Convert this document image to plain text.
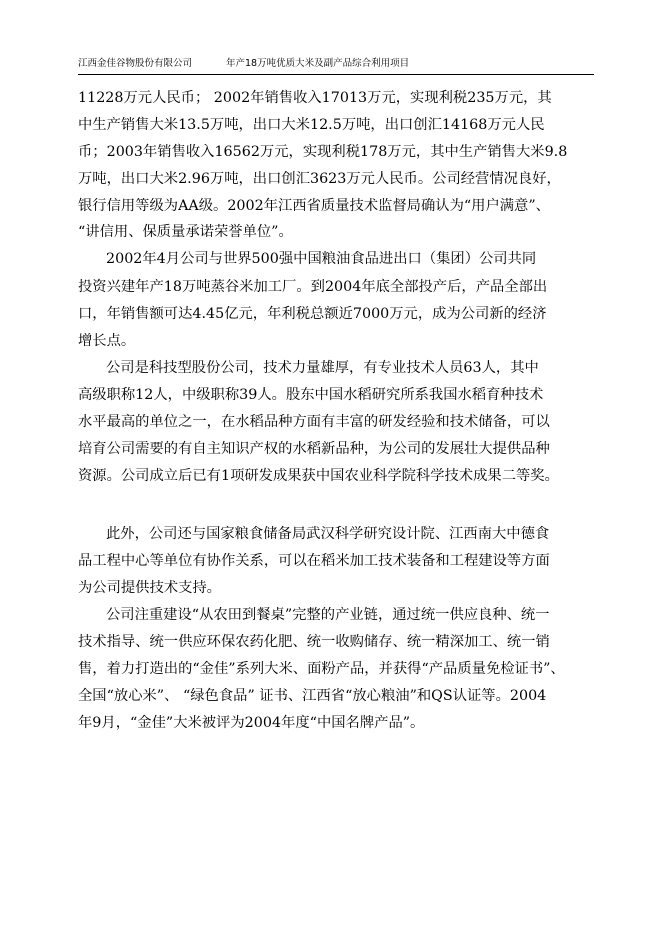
江西金佳谷物股份有限公司	年产18万吨优质大米及副产品综合利用项目
11228万元人民币； 2002年销售收入17013万元，实现利税235万元，其
中生产销售大米13.5万吨，出口大米12.5万吨，出口创汇14168万元人民
币；2003年销售收入16562万元，实现利税178万元，其中生产销售大米9.8
万吨，出口大米2.96万吨，出口创汇3623万元人民币。公司经营情况良好，
银行信用等级为AA级。2002年江西省质量技术监督局确认为“用户满意”、
“讲信用、保质量承诺荣誉单位”。
2002年4月公司与世界500强中国粮油食品进出口（集团）公司共同
投资兴建年产18万吨蒸谷米加工厂。到2004年底全部投产后，产品全部出
口，年销售额可达4.45亿元，年利税总额近7000万元，成为公司新的经济
增长点。
公司是科技型股份公司，技术力量雄厚，有专业技术人员63人，其中
高级职称12人，中级职称39人。股东中国水稻研究所系我国水稻育种技术
水平最高的单位之一，在水稻品种方面有丰富的研发经验和技术储备，可以
培育公司需要的有自主知识产权的水稻新品种，为公司的发展壮大提供品种
资源。公司成立后已有1项研发成果获中国农业科学院科学技术成果二等奖。
此外，公司还与国家粮食储备局武汉科学研究设计院、江西南大中德食
品工程中心等单位有协作关系，可以在稻米加工技术装备和工程建设等方面
为公司提供技术支持。
公司注重建设“从农田到餐桌”完整的产业链，通过统一供应良种、统一
技术指导、统一供应环保农药化肥、统一收购储存、统一精深加工、统一销
售，着力打造出的“金佳”系列大米、面粉产品，并获得“产品质量免检证书”、
全国“放心米”、 “绿色食品” 证书、江西省“放心粮油”和QS认证等。2004
年9月，“金佳”大米被评为2004年度“中国名牌产品”。
